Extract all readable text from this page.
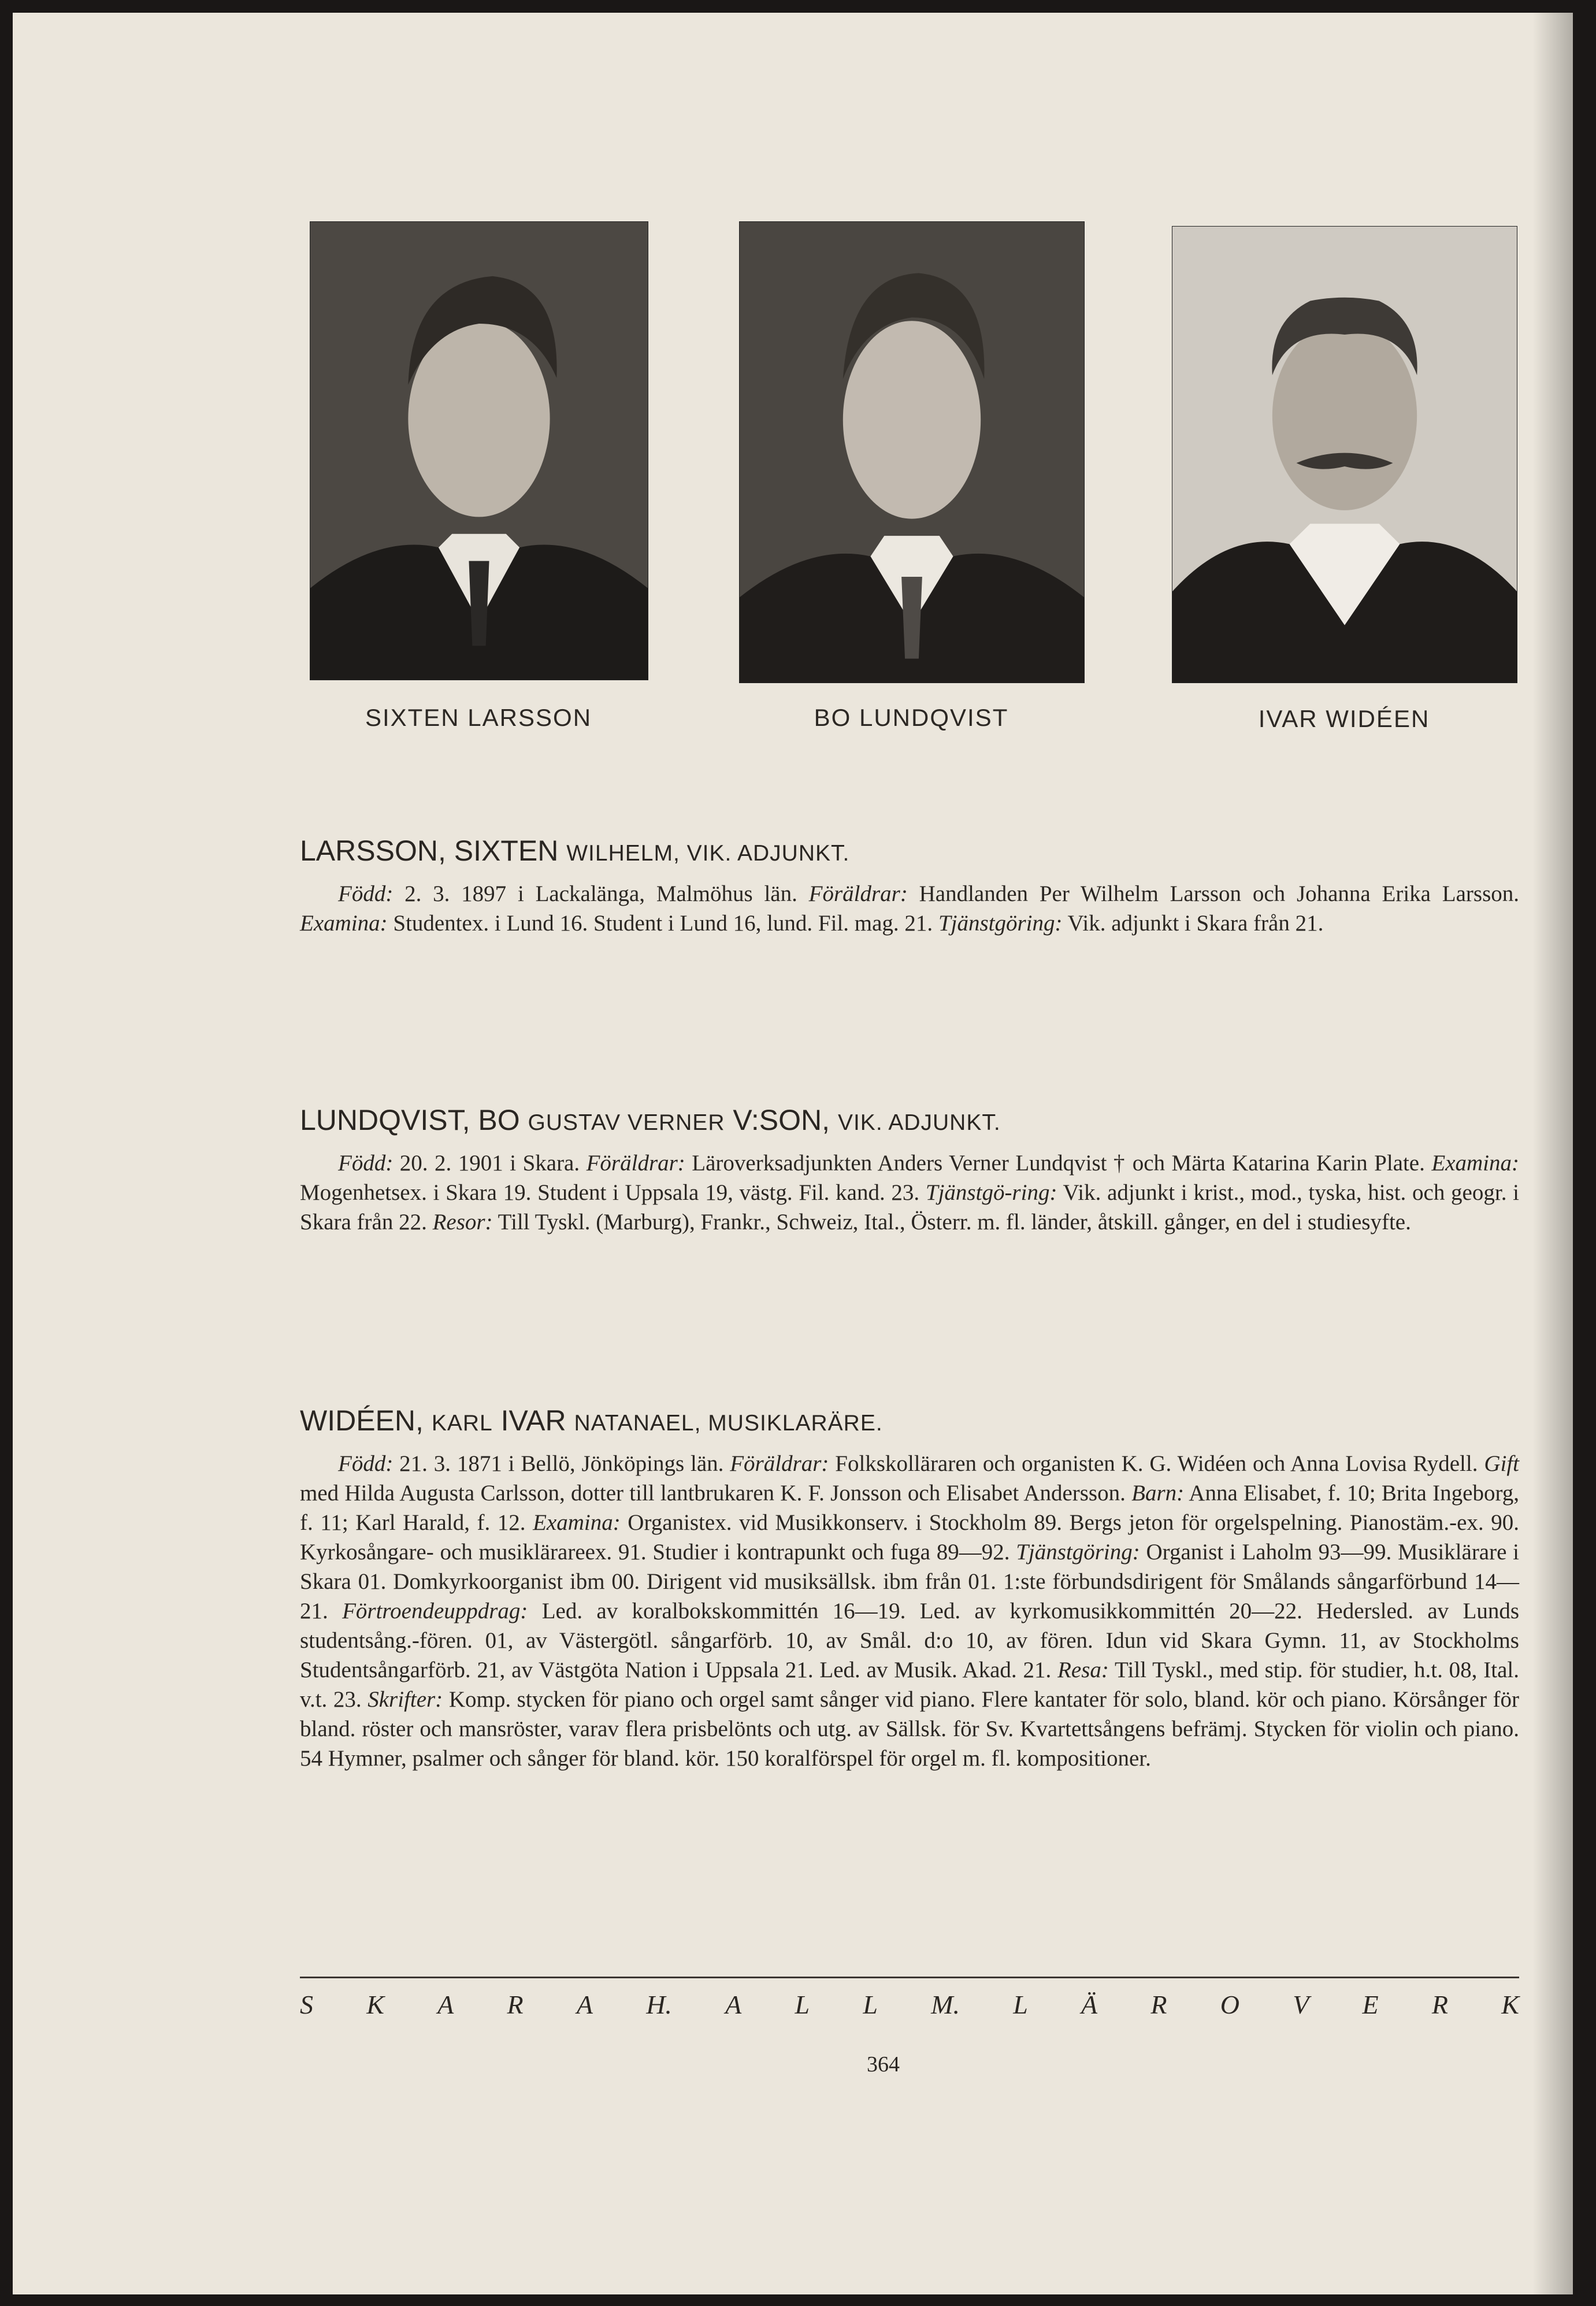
SIXTEN LARSSON	BO LUNDQVIST	IVAR WIDÉEN
LARSSON, SIXTEN WILHELM, VIK. ADJUNKT.
Född: 2. 3. 1897 i Lackalänga, Malmöhus län. Föräldrar: Handlanden Per Wilhelm Larsson och Johanna Erika Larsson. Examina: Studentex. i Lund 16. Student i Lund 16, lund. Fil. mag. 21. Tjänstgöring: Vik. adjunkt i Skara från 21.
LUNDQVIST, BO GUSTAV VERNER V:SON, VIK. ADJUNKT.
Född: 20. 2. 1901 i Skara. Föräldrar: Läroverksadjunkten Anders Verner Lundqvist † och Märta Katarina Karin Plate. Examina: Mogenhetsex. i Skara 19. Student i Uppsala 19, västg. Fil. kand. 23. Tjänstgö-ring: Vik. adjunkt i krist., mod., tyska, hist. och geogr. i Skara från 22. Resor: Till Tyskl. (Marburg), Frankr., Schweiz, Ital., Österr. m. fl. länder, åtskill. gånger, en del i studiesyfte.
WIDÉEN, KARL IVAR NATANAEL, MUSIKLARÄRE.
Född: 21. 3. 1871 i Bellö, Jönköpings län. Föräldrar: Folkskolläraren och organisten K. G. Widéen och Anna Lovisa Rydell. Gift med Hilda Augusta Carlsson, dotter till lantbrukaren K. F. Jonsson och Elisabet Andersson. Barn: Anna Elisabet, f. 10; Brita Ingeborg, f. 11; Karl Harald, f. 12. Examina: Organistex. vid Musikkonserv. i Stockholm 89. Bergs jeton för orgelspelning. Pianostäm.-ex. 90. Kyrkosångare- och musiklärareex. 91. Studier i kontrapunkt och fuga 89—92. Tjänstgöring: Organist i Laholm 93—99. Musiklärare i Skara 01. Domkyrkoorganist ibm 00. Dirigent vid musiksällsk. ibm från 01. 1:ste förbundsdirigent för Smålands sångarförbund 14—21. Förtroendeuppdrag: Led. av koralbokskommittén 16—19. Led. av kyrkomusikkommittén 20—22. Hedersled. av Lunds studentsång.-fören. 01, av Västergötl. sångarförb. 10, av Smål. d:o 10, av fören. Idun vid Skara Gymn. 11, av Stockholms Studentsångarförb. 21, av Västgöta Nation i Uppsala 21. Led. av Musik. Akad. 21. Resa: Till Tyskl., med stip. för studier, h.t. 08, Ital. v.t. 23. Skrifter: Komp. stycken för piano och orgel samt sånger vid piano. Flere kantater för solo, bland. kör och piano. Körsånger för bland. röster och mansröster, varav flera prisbelönts och utg. av Sällsk. för Sv. Kvartettsångens befrämj. Stycken för violin och piano. 54 Hymner, psalmer och sånger för bland. kör. 150 koralförspel för orgel m. fl. kompositioner.
S K A R A H. A L L M. L Ä R O V E R K
364
